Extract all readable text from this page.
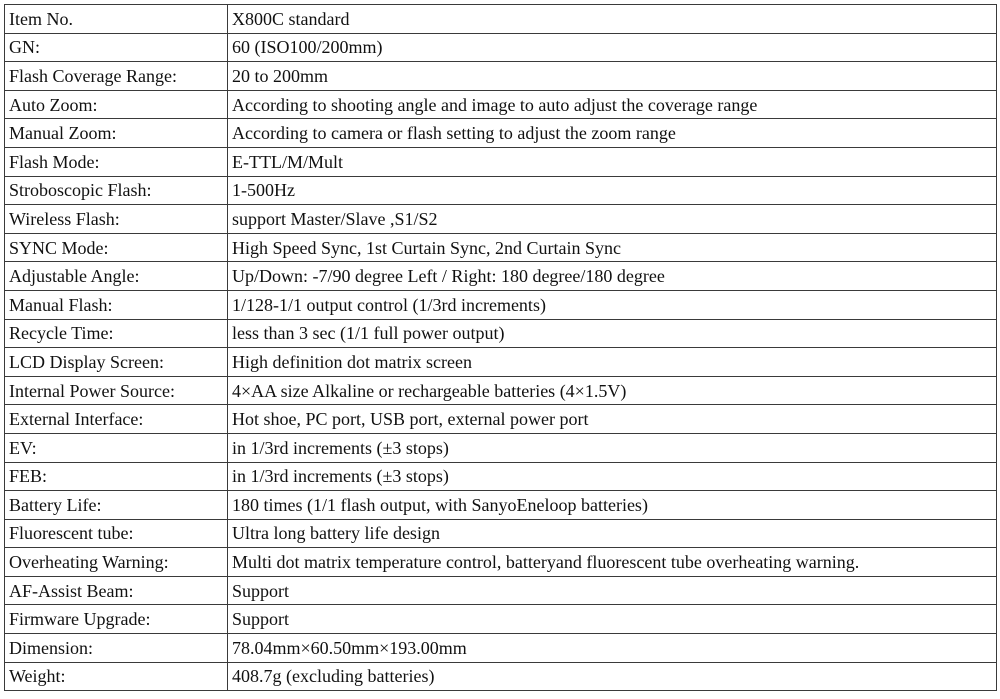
Item No.	X800C standard
GN:	60 (ISO100/200mm)
Flash Coverage Range:	20 to 200mm
Auto Zoom:	According to shooting angle and image to auto adjust the coverage range
Manual Zoom:	According to camera or flash setting to adjust the zoom range
Flash Mode:	E-TTL/M/Mult
Stroboscopic Flash:	1-500Hz
Wireless Flash:	support Master/Slave ,S1/S2
SYNC Mode:	High Speed Sync, 1st Curtain Sync, 2nd Curtain Sync
Adjustable Angle:	Up/Down: -7/90 degree Left / Right: 180 degree/180 degree
Manual Flash:	1/128-1/1 output control (1/3rd increments)
Recycle Time:	less than 3 sec (1/1 full power output)
LCD Display Screen:	High definition dot matrix screen
Internal Power Source:	4×AA size Alkaline or rechargeable batteries (4×1.5V)
External Interface:	Hot shoe, PC port, USB port, external power port
EV:	in 1/3rd increments (±3 stops)
FEB:	in 1/3rd increments (±3 stops)
Battery Life:	180 times (1/1 flash output, with SanyoEneloop batteries)
Fluorescent tube:	Ultra long battery life design
Overheating Warning:	Multi dot matrix temperature control, batteryand fluorescent tube overheating warning.
AF-Assist Beam:	Support
Firmware Upgrade:	Support
Dimension:	78.04mm×60.50mm×193.00mm
Weight:	408.7g (excluding batteries)
